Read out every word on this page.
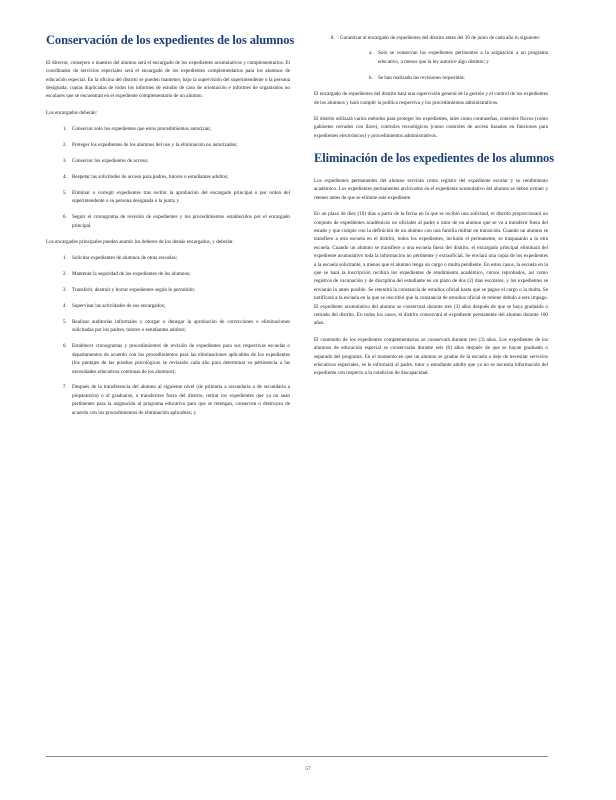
Conservación de los expedientes de los alumnos

El director, consejero o maestro del alumno será el encargado de los expedientes acumulativos y complementarios. El coordinador de servicios especiales será el encargado de los expedientes complementarios para los alumnos de educación especial. En la oficina del distrito se pueden mantener, bajo la supervisión del superintendente o la persona designada, copias duplicadas de todos los informes de estudio de caso de orientación e informes de organismos no escolares que se encuentran en el expediente complementario de un alumno.

Los encargados deberán:

1. Conservar solo los expedientes que estos procedimientos autorizan;
2. Proteger los expedientes de los alumnos del uso y la eliminación no autorizados;
3. Conservar los expedientes de acceso;
4. Respetar las solicitudes de acceso para padres, tutores o estudiantes adultos;
5. Eliminar o corregir expedientes tras recibir la aprobación del encargado principal o por orden del superintendente o su persona designada o la junta; y
6. Seguir el cronograma de revisión de expedientes y los procedimientos establecidos por el encargado principal.

Los encargados principales pueden asumir los deberes de los demás encargados, y deberán:

1. Solicitar expedientes de alumnos de otras escuelas;
2. Mantener la seguridad de los expedientes de los alumnos;
3. Transferir, destruir y borrar expedientes según lo permitido;
4. Supervisar las actividades de sus encargados;
5. Realizar auditorías informales y otorgar o denegar la aprobación de correcciones o eliminaciones solicitadas por los padres, tutores o estudiantes adultos;
6. Establecer cronogramas y procedimientos de revisión de expedientes para sus respectivas escuelas o departamentos de acuerdo con los procedimientos para las eliminaciones aplicables de los expedientes (los puntajes de las pruebas psicológicas se revisarán cada año para determinar su pertinencia a las necesidades educativas continuas de los alumnos);
7. Después de la transferencia del alumno al siguiente nivel (de primaria a secundaria o de secundaria a preparatoria) o al graduarse, o transferirse fuera del distrito, retirar los expedientes que ya no sean pertinentes para la asignación al programa educativo para que se retengan, conserven o destruyan de acuerdo con los procedimientos de eliminación aplicables; y
8. Garantizar al encargado de expedientes del distrito antes del 30 de junio de cada año lo siguiente:
a. Solo se conservan los expedientes pertinentes a la asignación a un programa educativo, a menos que la ley autorice algo distinto; y
b. Se han realizado las revisiones requeridas.

El encargado de expedientes del distrito hará una supervisión general de la gestión y el control de los expedientes de los alumnos y hará cumplir la política respectiva y los procedimientos administrativos.

El distrito utilizará varios métodos para proteger los expedientes, tales como contraseñas, controles físicos (como gabinetes cerrados con llave), controles tecnológicos (como controles de acceso basados en funciones para expedientes electrónicos) y procedimientos administrativos.

Eliminación de los expedientes de los alumnos

Los expedientes permanentes del alumno servirán como registro del expediente escolar y su rendimiento académico. Los expedientes permanentes archivados en el expediente acumulativo del alumno se deben extraer y retener antes de que se elimine este expediente.

En un plazo de diez (10) días a partir de la fecha en la que se recibió una solicitud, el distrito proporcionará un conjunto de expedientes académicos no oficiales al padre o tutor de un alumno que se va a transferir fuera del estado y que cumple con la definición de un alumno con una familia militar en transición. Cuando un alumno se transfiere a otra escuela en el distrito, todos los expedientes, incluido el permanente, se traspasarán a la otra escuela. Cuando un alumno se transfiere a una escuela fuera del distrito, el encargado principal eliminará del expediente acumulativo toda la información no pertinente y extraoficial. Se enviará una copia de los expedientes a la escuela solicitante, a menos que el alumno tenga un cargo o multa pendiente. En estos casos, la escuela en la que se hará la inscripción recibirá los expedientes de rendimiento académico, cursos reprobados, así como registros de vacunación y de disciplina del estudiante en un plazo de dos (2) días escolares, y los expedientes se enviarán lo antes posible. Se retendrá la constancia de estudios oficial hasta que se pague el cargo o la multa. Se notificará a la escuela en la que se inscribió que la constancia de estudios oficial se retiene debido a este impago. El expediente acumulativo del alumno se conservará durante tres (3) años después de que se haya graduado o retirado del distrito. En todos los casos, el distrito conservará el expediente permanente del alumno durante 100 años.

El contenido de los expedientes complementarios se conservará durante tres (3) años. Los expedientes de los alumnos de educación especial se conservarán durante seis (6) años después de que se hayan graduado o separado del programa. En el momento en que un alumno se gradúe de la escuela o deje de necesitar servicios educativos especiales, se le informará al padre, tutor o estudiante adulto que ya no se necesita información del expediente con respecto a la condición de discapacidad.

57
